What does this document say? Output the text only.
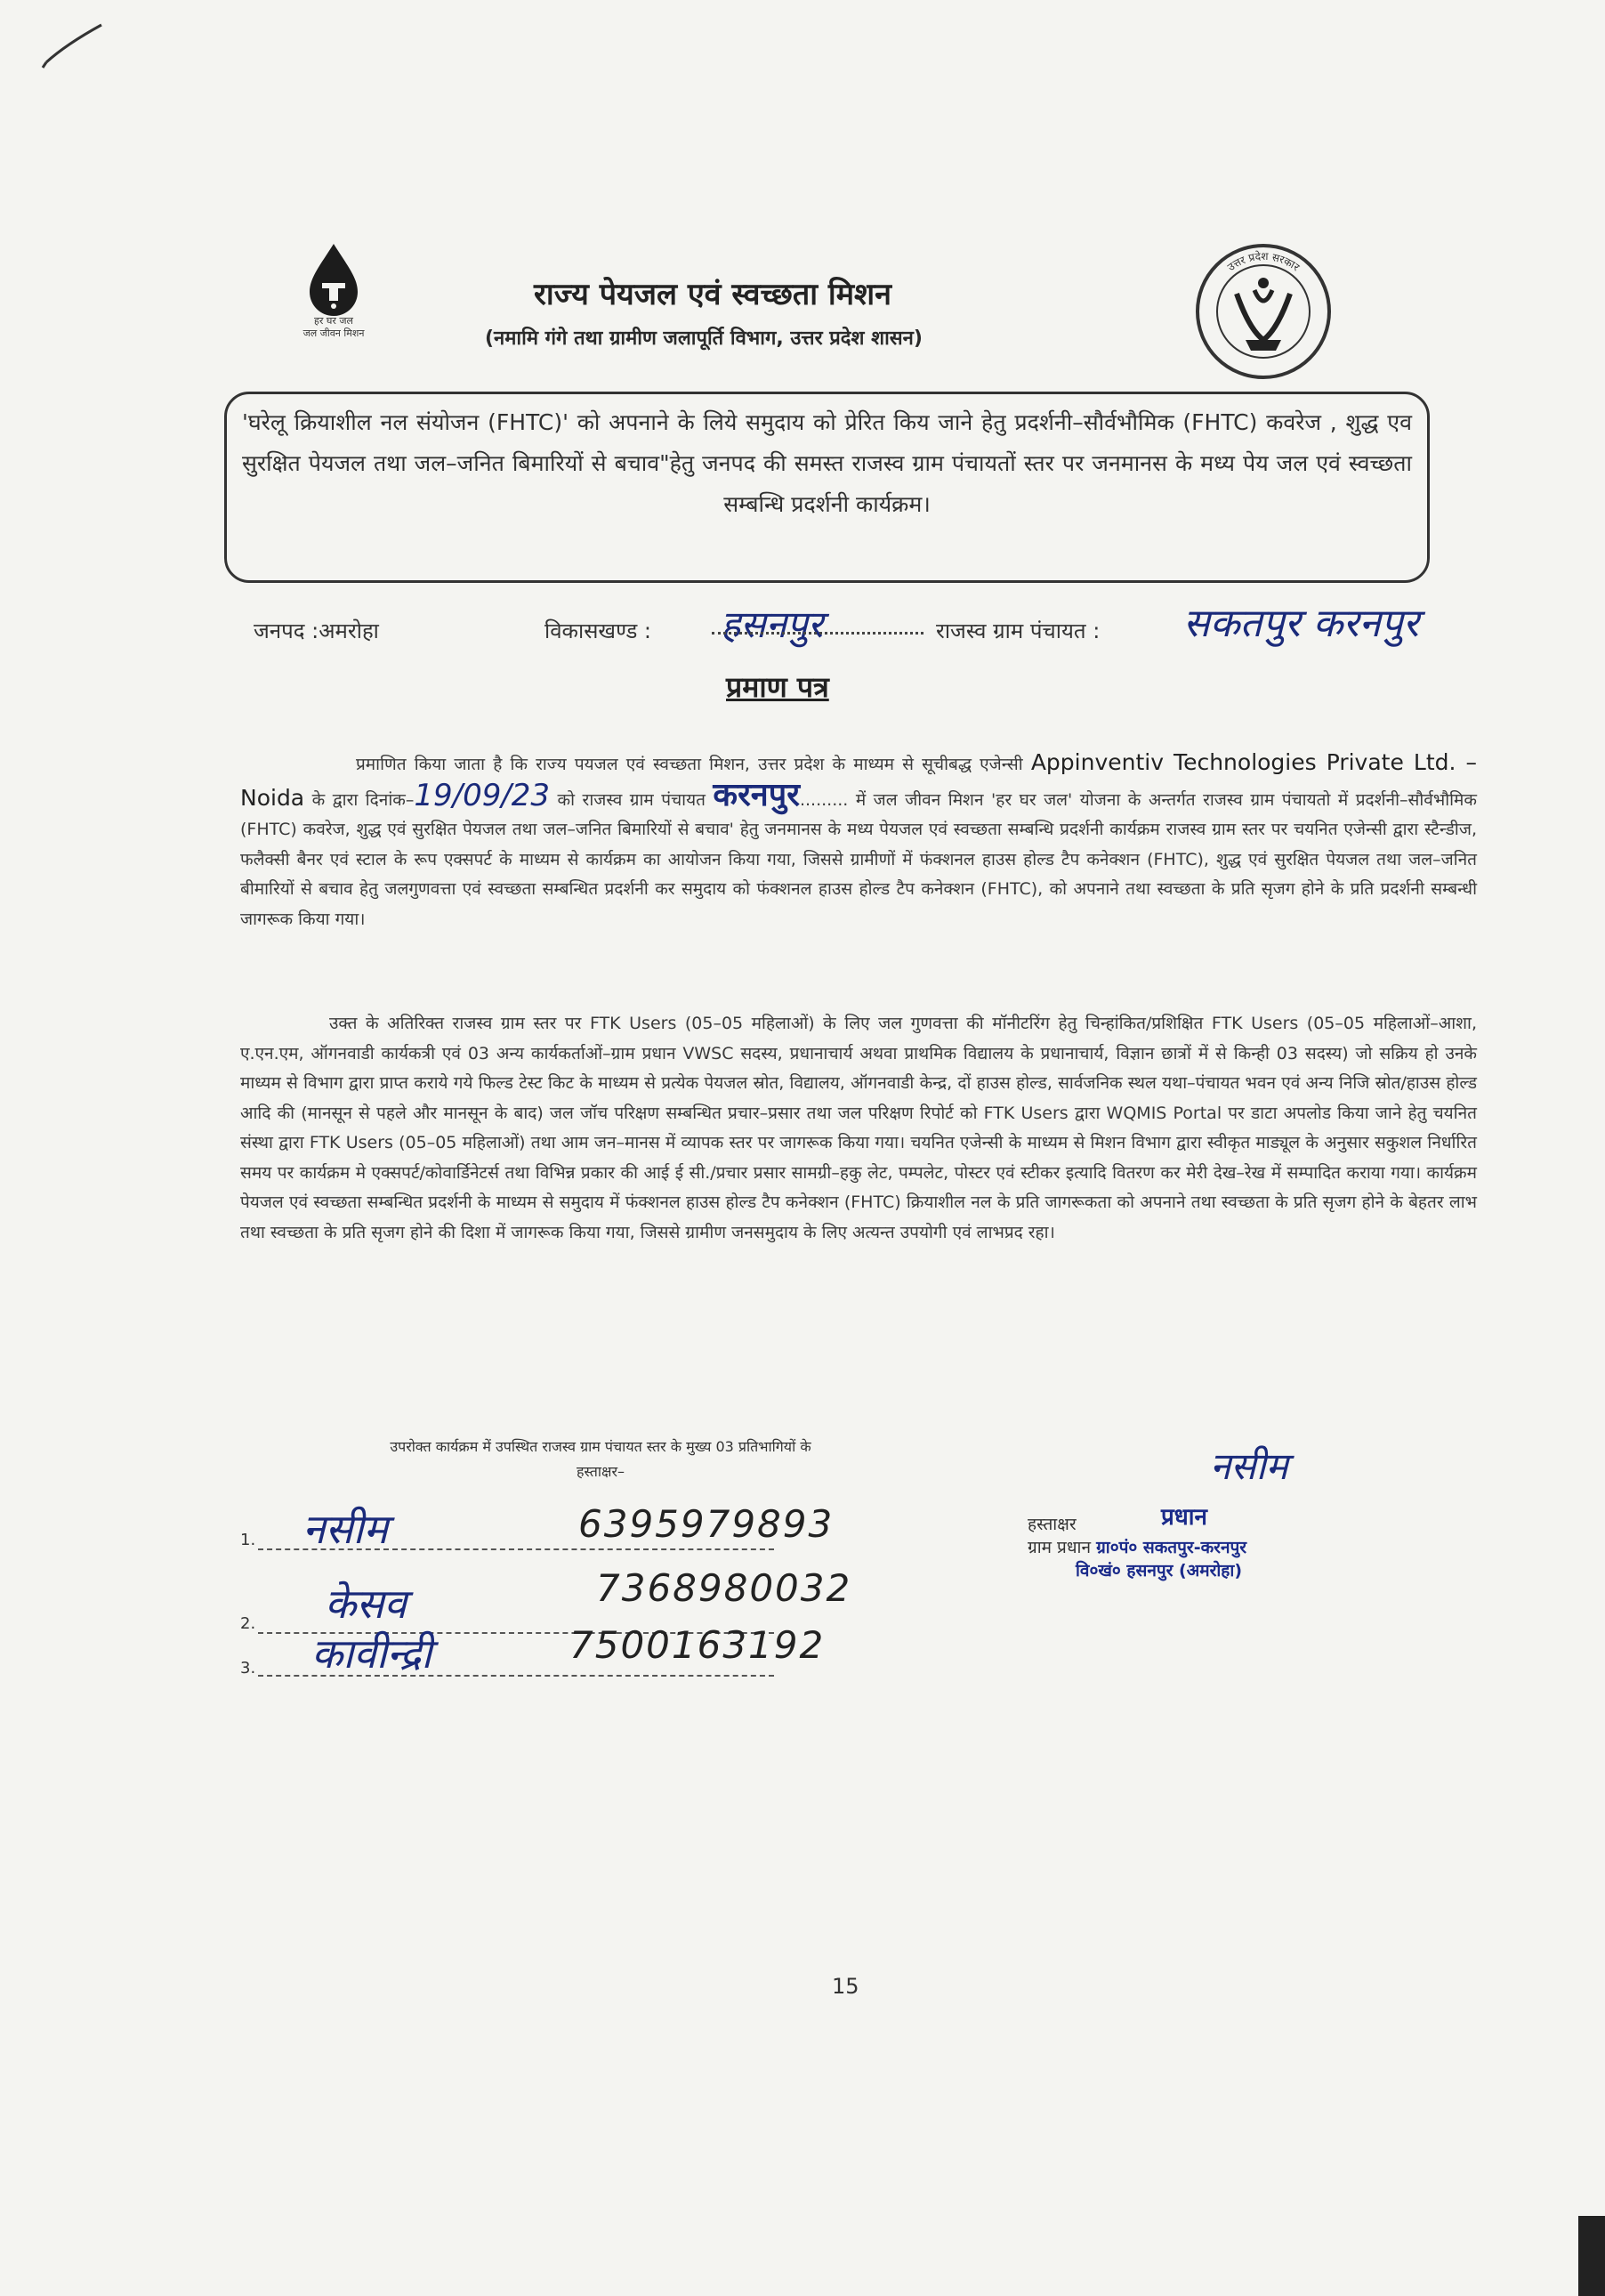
हर घर जल
जल जीवन मिशन
उत्तर प्रदेश सरकार
राज्य पेयजल एवं स्वच्छता मिशन
(नमामि गंगे तथा ग्रामीण जलापूर्ति विभाग, उत्तर प्रदेश शासन)
'घरेलू क्रियाशील नल संयोजन (FHTC)' को अपनाने के लिये समुदाय को प्रेरित किय जाने हेतु प्रदर्शनी–सौर्वभौमिक (FHTC) कवरेज , शुद्ध एव सुरक्षित पेयजल तथा जल–जनित बिमारियों से बचाव"हेतु जनपद की समस्त राजस्व ग्राम पंचायतों स्तर पर जनमानस के मध्य पेय जल एवं स्वच्छता सम्बन्धि प्रदर्शनी कार्यक्रम।
जनपद :अमरोहा	विकासखण्ड : हसनपुर	राजस्व ग्राम पंचायत : सकतपुर करनपुर
प्रमाण पत्र
प्रमाणित किया जाता है कि राज्य पयजल एवं स्वच्छता मिशन, उत्तर प्रदेश के माध्यम से सूचीबद्ध एजेन्सी Appinventiv Technologies Private Ltd. – Noida के द्वारा दिनांक–19/09/23 को राजस्व ग्राम पंचायत करनपुर......... में जल जीवन मिशन 'हर घर जल' योजना के अन्तर्गत राजस्व ग्राम पंचायतो में प्रदर्शनी–सौर्वभौमिक (FHTC) कवरेज, शुद्ध एवं सुरक्षित पेयजल तथा जल–जनित बिमारियों से बचाव' हेतु जनमानस के मध्य पेयजल एवं स्वच्छता सम्बन्धि प्रदर्शनी कार्यक्रम राजस्व ग्राम स्तर पर चयनित एजेन्सी द्वारा स्टैन्डीज, फलैक्सी बैनर एवं स्टाल के रूप एक्सपर्ट के माध्यम से कार्यक्रम का आयोजन किया गया, जिससे ग्रामीणों में फंक्शनल हाउस होल्ड टैप कनेक्शन (FHTC), शुद्ध एवं सुरक्षित पेयजल तथा जल–जनित बीमारियों से बचाव हेतु जलगुणवत्ता एवं स्वच्छता सम्बन्धित प्रदर्शनी कर समुदाय को फंक्शनल हाउस होल्ड टैप कनेक्शन (FHTC), को अपनाने तथा स्वच्छता के प्रति सृजग होने के प्रति प्रदर्शनी सम्बन्धी जागरूक किया गया।
उक्त के अतिरिक्त राजस्व ग्राम स्तर पर FTK Users (05–05 महिलाओं) के लिए जल गुणवत्ता की मॉनीटरिंग हेतु चिन्हांकित/प्रशिक्षित FTK Users (05–05 महिलाओं–आशा, ए.एन.एम, ऑगनवाडी कार्यकत्री एवं 03 अन्य कार्यकर्ताओं–ग्राम प्रधान VWSC सदस्य, प्रधानाचार्य अथवा प्राथमिक विद्यालय के प्रधानाचार्य, विज्ञान छात्रों में से किन्ही 03 सदस्य) जो सक्रिय हो उनके माध्यम से विभाग द्वारा प्राप्त कराये गये फिल्ड टेस्ट किट के माध्यम से प्रत्येक पेयजल स्रोत, विद्यालय, ऑगनवाडी केन्द्र, दों हाउस होल्ड, सार्वजनिक स्थल यथा–पंचायत भवन एवं अन्य निजि स्रोत/हाउस होल्ड आदि की (मानसून से पहले और मानसून के बाद) जल जॉच परिक्षण सम्बन्धित प्रचार–प्रसार तथा जल परिक्षण रिपोर्ट को FTK Users द्वारा WQMIS Portal पर डाटा अपलोड किया जाने हेतु चयनित संस्था द्वारा FTK Users (05–05 महिलाओं) तथा आम जन–मानस में व्यापक स्तर पर जागरूक किया गया। चयनित एजेन्सी के माध्यम से मिशन विभाग द्वारा स्वीकृत माड्यूल के अनुसार सकुशल निर्धारित समय पर कार्यक्रम मे एक्सपर्ट/कोवार्डिनेटर्स तथा विभिन्न प्रकार की आई ई सी./प्रचार प्रसार सामग्री–हकु लेट, पम्पलेट, पोस्टर एवं स्टीकर इत्यादि वितरण कर मेरी देख–रेख में सम्पादित कराया गया। कार्यक्रम पेयजल एवं स्वच्छता सम्बन्धित प्रदर्शनी के माध्यम से समुदाय में फंक्शनल हाउस होल्ड टैप कनेक्शन (FHTC) क्रियाशील नल के प्रति जागरूकता को अपनाने तथा स्वच्छता के प्रति सृजग होने के बेहतर लाभ तथा स्वच्छता के प्रति सृजग होने की दिशा में जागरूक किया गया, जिससे ग्रामीण जनसमुदाय के लिए अत्यन्त उपयोगी एवं लाभप्रद रहा।
उपरोक्त कार्यक्रम में उपस्थित राजस्व ग्राम पंचायत स्तर के मुख्य 03 प्रतिभागियों के
हस्ताक्षर–
1. नसीम	6395979893
2. केसव	7368980032
3. कावीन्द्री	7500163192
नसीम
हस्ताक्षर	प्रधान
ग्राम प्रधान ग्रा०पं० सकतपुर-करनपुर
वि०खं० हसनपुर (अमरोहा)
15
